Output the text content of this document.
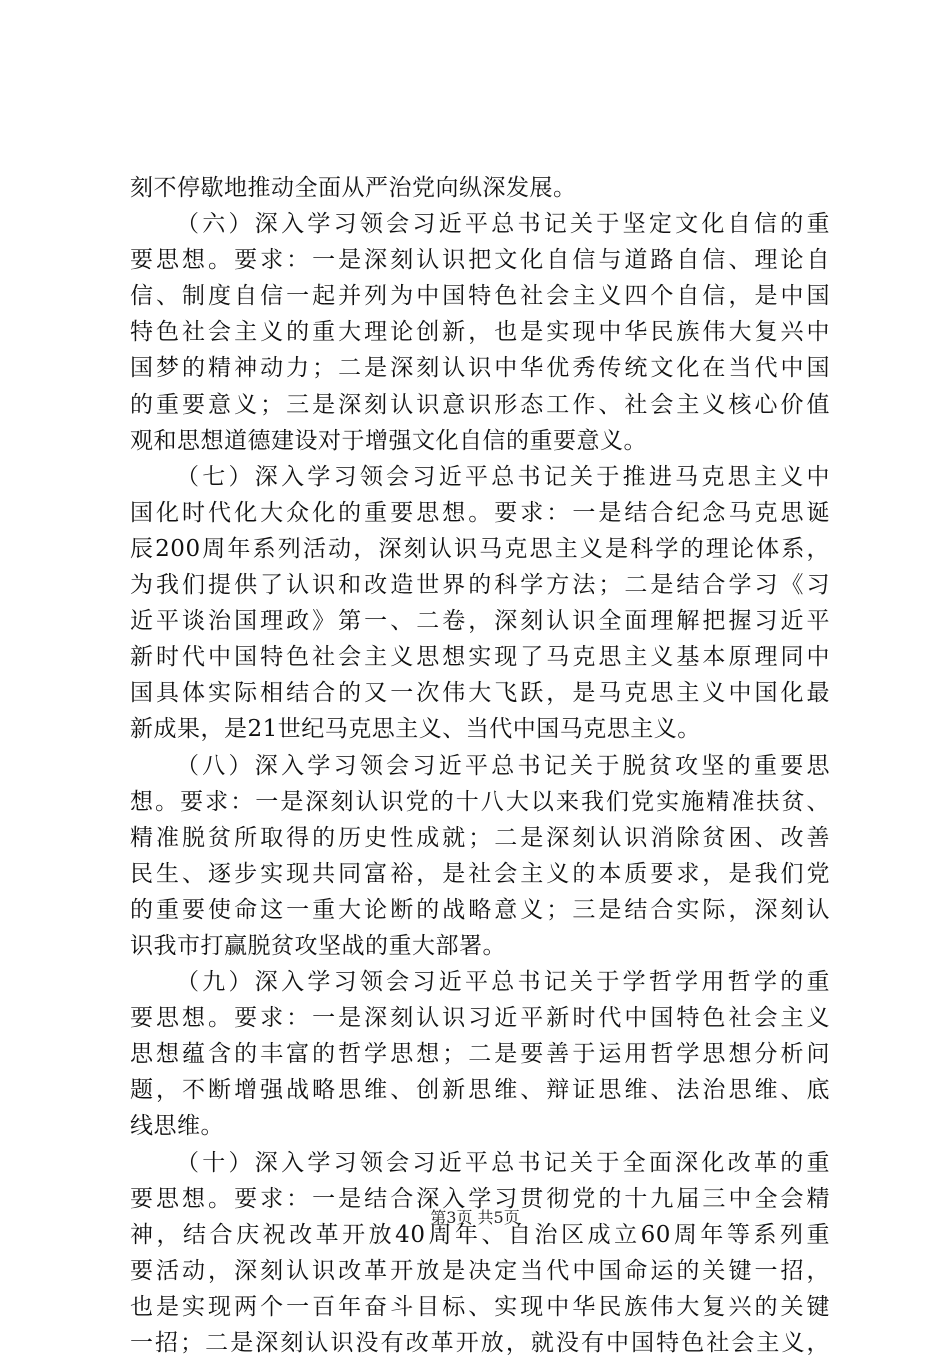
刻不停歇地推动全面从严治党向纵深发展。
（六）深入学习领会习近平总书记关于坚定文化自信的重
要思想。要求：一是深刻认识把文化自信与道路自信、理论自
信、制度自信一起并列为中国特色社会主义四个自信，是中国
特色社会主义的重大理论创新，也是实现中华民族伟大复兴中
国梦的精神动力；二是深刻认识中华优秀传统文化在当代中国
的重要意义；三是深刻认识意识形态工作、社会主义核心价值
观和思想道德建设对于增强文化自信的重要意义。
（七）深入学习领会习近平总书记关于推进马克思主义中
国化时代化大众化的重要思想。要求：一是结合纪念马克思诞
辰200周年系列活动，深刻认识马克思主义是科学的理论体系，
为我们提供了认识和改造世界的科学方法；二是结合学习《习
近平谈治国理政》第一、二卷，深刻认识全面理解把握习近平
新时代中国特色社会主义思想实现了马克思主义基本原理同中
国具体实际相结合的又一次伟大飞跃，是马克思主义中国化最
新成果，是21世纪马克思主义、当代中国马克思主义。
（八）深入学习领会习近平总书记关于脱贫攻坚的重要思
想。要求：一是深刻认识党的十八大以来我们党实施精准扶贫、
精准脱贫所取得的历史性成就；二是深刻认识消除贫困、改善
民生、逐步实现共同富裕，是社会主义的本质要求，是我们党
的重要使命这一重大论断的战略意义；三是结合实际，深刻认
识我市打赢脱贫攻坚战的重大部署。
（九）深入学习领会习近平总书记关于学哲学用哲学的重
要思想。要求：一是深刻认识习近平新时代中国特色社会主义
思想蕴含的丰富的哲学思想；二是要善于运用哲学思想分析问
题，不断增强战略思维、创新思维、辩证思维、法治思维、底
线思维。
（十）深入学习领会习近平总书记关于全面深化改革的重
要思想。要求：一是结合深入学习贯彻党的十九届三中全会精
神，结合庆祝改革开放40周年、自治区成立60周年等系列重
要活动，深刻认识改革开放是决定当代中国命运的关键一招，
也是实现两个一百年奋斗目标、实现中华民族伟大复兴的关键
一招；二是深刻认识没有改革开放，就没有中国特色社会主义，
第3页 共5页
